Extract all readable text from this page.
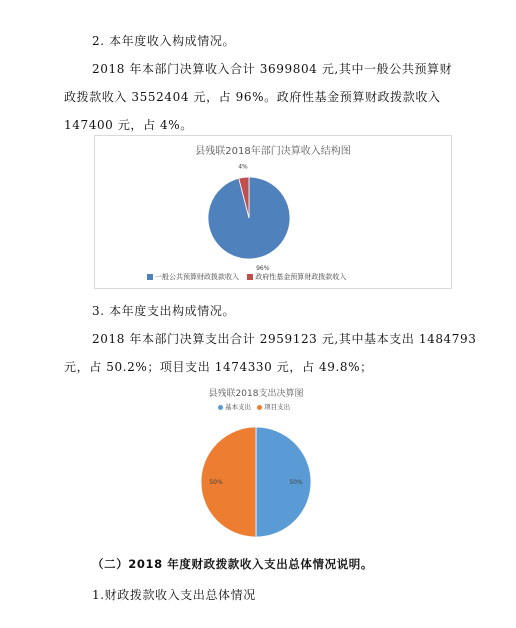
2. 本年度收入构成情况。
2018 年本部门决算收入合计 3699804 元,其中一般公共预算财
政拨款收入 3552404 元，占 96%。政府性基金预算财政拨款收入
147400 元，占 4%。
县残联2018年部门决算收入结构图
96%
4%
一般公共预算财政拨款收入 政府性基金预算财政拨款收入
3. 本年度支出构成情况。
2018 年本部门决算支出合计 2959123 元,其中基本支出 1484793
元，占 50.2%；项目支出 1474330 元，占 49.8%；
县残联2018支出决算图
基本支出 项目支出
50%
50%
（二）2018 年度财政拨款收入支出总体情况说明。
1.财政拨款收入支出总体情况
